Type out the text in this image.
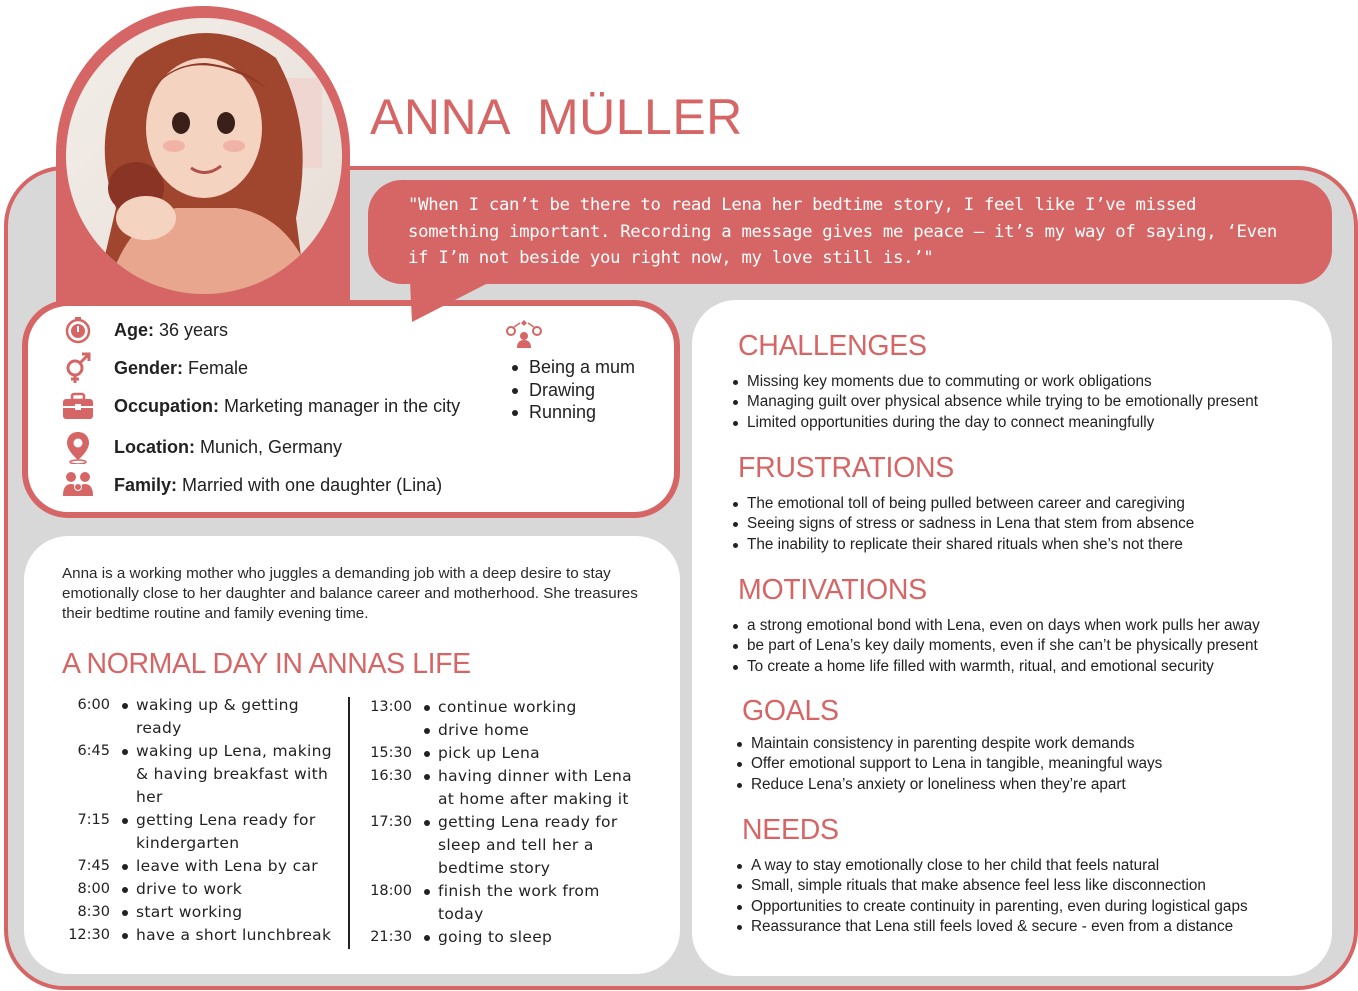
ANNA  MÜLLER
"When I can’t be there to read Lena her bedtime story, I feel like I’ve missed something important. Recording a message gives me peace — it’s my way of saying, ‘Even if I’m not beside you right now, my love still is.’"
Age: 36 years
Gender: Female
Occupation: Marketing manager in the city
Location: Munich, Germany
Family: Married with one daughter (Lina)
Being a mum
Drawing
Running
Anna is a working mother who juggles a demanding job with a deep desire to stay emotionally close to her daughter and balance career and motherhood. She treasures their bedtime routine and family evening time.
A NORMAL DAY IN ANNAS LIFE
6:00 waking up & getting
ready
6:45 waking up Lena, making
& having breakfast with
her
7:15 getting Lena ready for
kindergarten
7:45 leave with Lena by car
8:00 drive to work
8:30 start working
12:30 have a short lunchbreak
13:00 continue working
drive home
15:30 pick up Lena
16:30 having dinner with Lena
at home after making it
17:30 getting Lena ready for
sleep and tell her a
bedtime story
18:00 finish the work from
today
21:30 going to sleep
CHALLENGES
Missing key moments due to commuting or work obligations
Managing guilt over physical absence while trying to be emotionally present
Limited opportunities during the day to connect meaningfully
FRUSTRATIONS
The emotional toll of being pulled between career and caregiving
Seeing signs of stress or sadness in Lena that stem from absence
The inability to replicate their shared rituals when she’s not there
MOTIVATIONS
a strong emotional bond with Lena, even on days when work pulls her away
be part of Lena’s key daily moments, even if she can’t be physically present
To create a home life filled with warmth, ritual, and emotional security
GOALS
Maintain consistency in parenting despite work demands
Offer emotional support to Lena in tangible, meaningful ways
Reduce Lena’s anxiety or loneliness when they’re apart
NEEDS
A way to stay emotionally close to her child that feels natural
Small, simple rituals that make absence feel less like disconnection
Opportunities to create continuity in parenting, even during logistical gaps
Reassurance that Lena still feels loved & secure - even from a distance
